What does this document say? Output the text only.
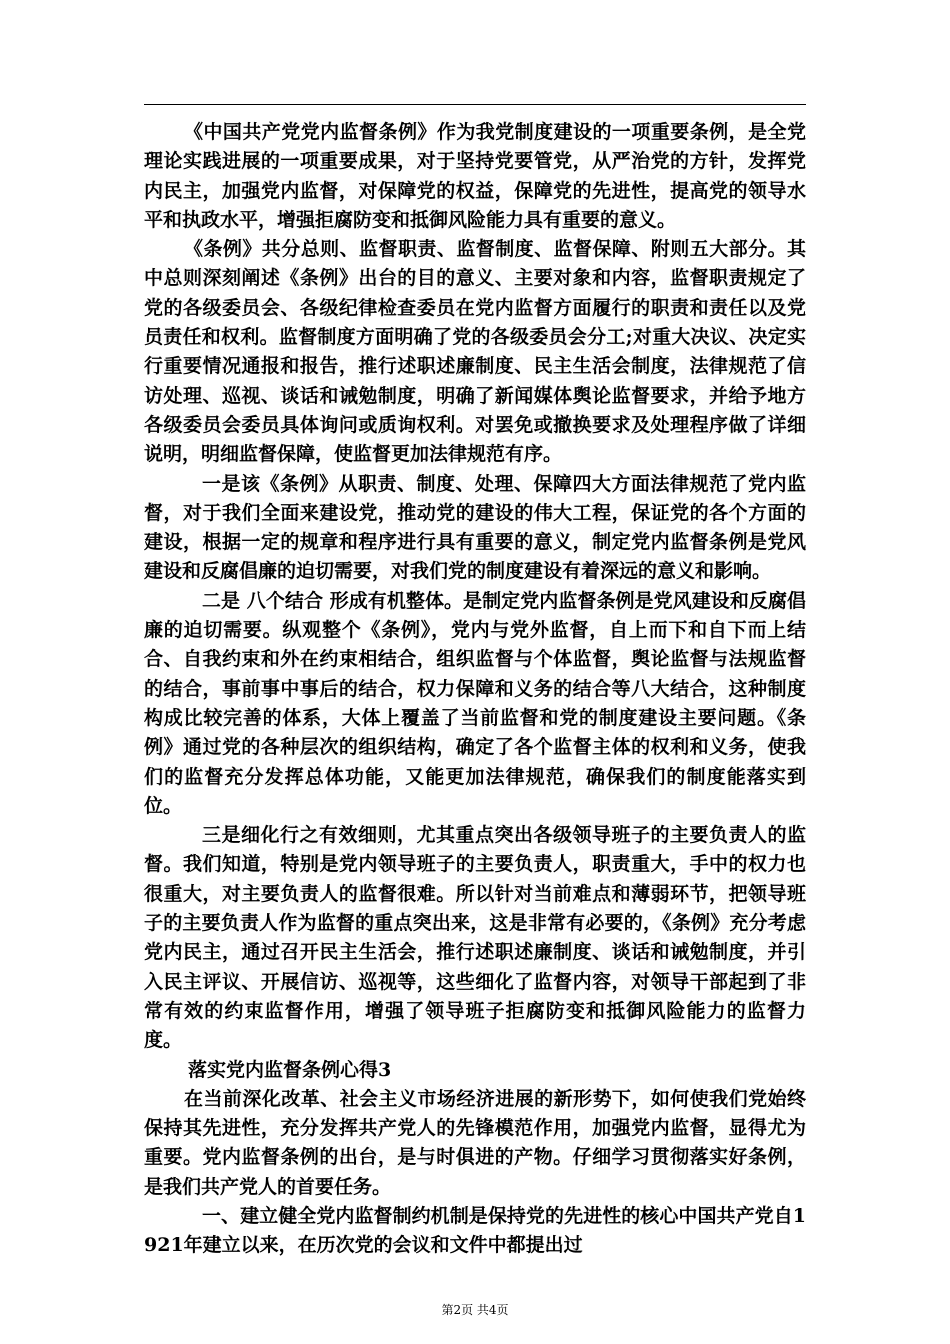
《中国共产党党内监督条例》作为我党制度建设的一项重要条例，是全党理论实践进展的一项重要成果，对于坚持党要管党，从严治党的方针，发挥党内民主，加强党内监督，对保障党的权益，保障党的先进性，提高党的领导水平和执政水平，增强拒腐防变和抵御风险能力具有重要的意义。

《条例》共分总则、监督职责、监督制度、监督保障、附则五大部分。其中总则深刻阐述《条例》出台的目的意义、主要对象和内容，监督职责规定了党的各级委员会、各级纪律检查委员在党内监督方面履行的职责和责任以及党员责任和权利。监督制度方面明确了党的各级委员会分工;对重大决议、决定实行重要情况通报和报告，推行述职述廉制度、民主生活会制度，法律规范了信访处理、巡视、谈话和诫勉制度，明确了新闻媒体舆论监督要求，并给予地方各级委员会委员具体询问或质询权利。对罢免或撤换要求及处理程序做了详细说明，明细监督保障，使监督更加法律规范有序。

一是该《条例》从职责、制度、处理、保障四大方面法律规范了党内监督，对于我们全面来建设党，推动党的建设的伟大工程，保证党的各个方面的建设，根据一定的规章和程序进行具有重要的意义，制定党内监督条例是党风建设和反腐倡廉的迫切需要，对我们党的制度建设有着深远的意义和影响。

二是 八个结合 形成有机整体。是制定党内监督条例是党风建设和反腐倡廉的迫切需要。纵观整个《条例》，党内与党外监督，自上而下和自下而上结合、自我约束和外在约束相结合，组织监督与个体监督，舆论监督与法规监督的结合，事前事中事后的结合，权力保障和义务的结合等八大结合，这种制度构成比较完善的体系，大体上覆盖了当前监督和党的制度建设主要问题。《条例》通过党的各种层次的组织结构，确定了各个监督主体的权利和义务，使我们的监督充分发挥总体功能，又能更加法律规范，确保我们的制度能落实到位。

三是细化行之有效细则，尤其重点突出各级领导班子的主要负责人的监督。我们知道，特别是党内领导班子的主要负责人，职责重大，手中的权力也很重大，对主要负责人的监督很难。所以针对当前难点和薄弱环节，把领导班子的主要负责人作为监督的重点突出来，这是非常有必要的，《条例》充分考虑党内民主，通过召开民主生活会，推行述职述廉制度、谈话和诫勉制度，并引入民主评议、开展信访、巡视等，这些细化了监督内容，对领导干部起到了非常有效的约束监督作用，增强了领导班子拒腐防变和抵御风险能力的监督力度。

落实党内监督条例心得3

在当前深化改革、社会主义市场经济进展的新形势下，如何使我们党始终保持其先进性，充分发挥共产党人的先锋模范作用，加强党内监督，显得尤为重要。党内监督条例的出台，是与时俱进的产物。仔细学习贯彻落实好条例，是我们共产党人的首要任务。

一、建立健全党内监督制约机制是保持党的先进性的核心中国共产党自1921年建立以来，在历次党的会议和文件中都提出过

第2页 共4页
